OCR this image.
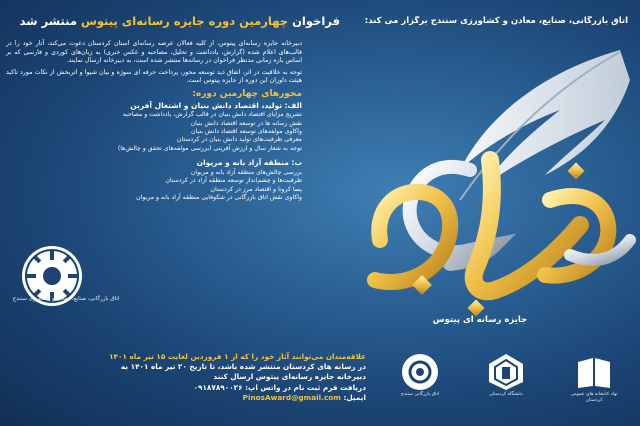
اتاق بازرگانی، صنایع، معادن و کشاورزی سنندج برگزار می کند:
فراخوان چهارمین دوره جایزه رسانه‌ای پیتوس منتشر شد

دبیرخانه جایزه رسانه‌ای پیتوس، از کلیه فعالان عرصه رسانه‌ای استان کردستان دعوت می‌کند، آثار خود را در قالب‌های اعلام شده (گزارش، یادداشت و تحلیل، مصاحبه و عکس خبری) به زبان‌های کوردی و فارسی که بر اساس بازه زمانی مدنظر فراخوان در رسانه‌ها منتشر شده است، به دبیرخانه ارسال نمایند.

توجه به خلاقیت در اثر، اتفاق دید توسعه محور، پرداخت حرفه ای سوژه و بیان شیوا و اثربخش از نکات مورد تاکید هیئت داوران این دوره از جایزه پیتوس است.

محورهای چهارمین دوره:
الف: تولید، اقتصاد دانش بنیان و اشتغال آفرین
تشریح مزایای اقتصاد دانش بنیان در قالب گزارش، یادداشت و مصاحبه
نقش رسانه ها در توسعه اقتصاد دانش بنیان
واکاوی مولفه‌های توسعه اقتصاد دانش بنیان
معرفی ظرفیت‌های تولید دانش بنیان در کردستان
توجه به شعار سال و ارزش آفرینی (بررسی مولفه‌های تحقق و چالش‌ها)
ب: منطقه آزاد بانه و مریوان
بررسی چالش‌های منطقه آزاد بانه و مریوان
ظرفیت‌ها و چشم‌انداز توسعه منطقه آزاد در کردستان
پسا کرونا و اقتصاد مرز در کردستان
واکاوی نقش اتاق بازرگانی در شکوفایی منطقه آزاد بانه و مریوان
اتاق بازرگانی، صنایع، معادن و کشاورزی سنندج
جایزه رسانه ای پیتوس
علاقه‌مندان می‌توانند آثار خود را که از ۱ فروردین لغایت ۱۵ تیر ماه ۱۴۰۱
در رسانه های کردستان منتشر شده باشد، تا تاریخ ۲۰ تیر ماه ۱۴۰۱ به
دبیرخانه جایزه رسانه‌ای پیتوس ارسال کنند
دریافت فرم ثبت نام در واتس اپ: ۰۹۱۸۷۸۹۰۰۲۶
ایمیل: PinosAward@gmail.com	اتاق بازرگانی سنندج	دانشگاه کردستان	نهاد کتابخانه های عمومی کردستان
